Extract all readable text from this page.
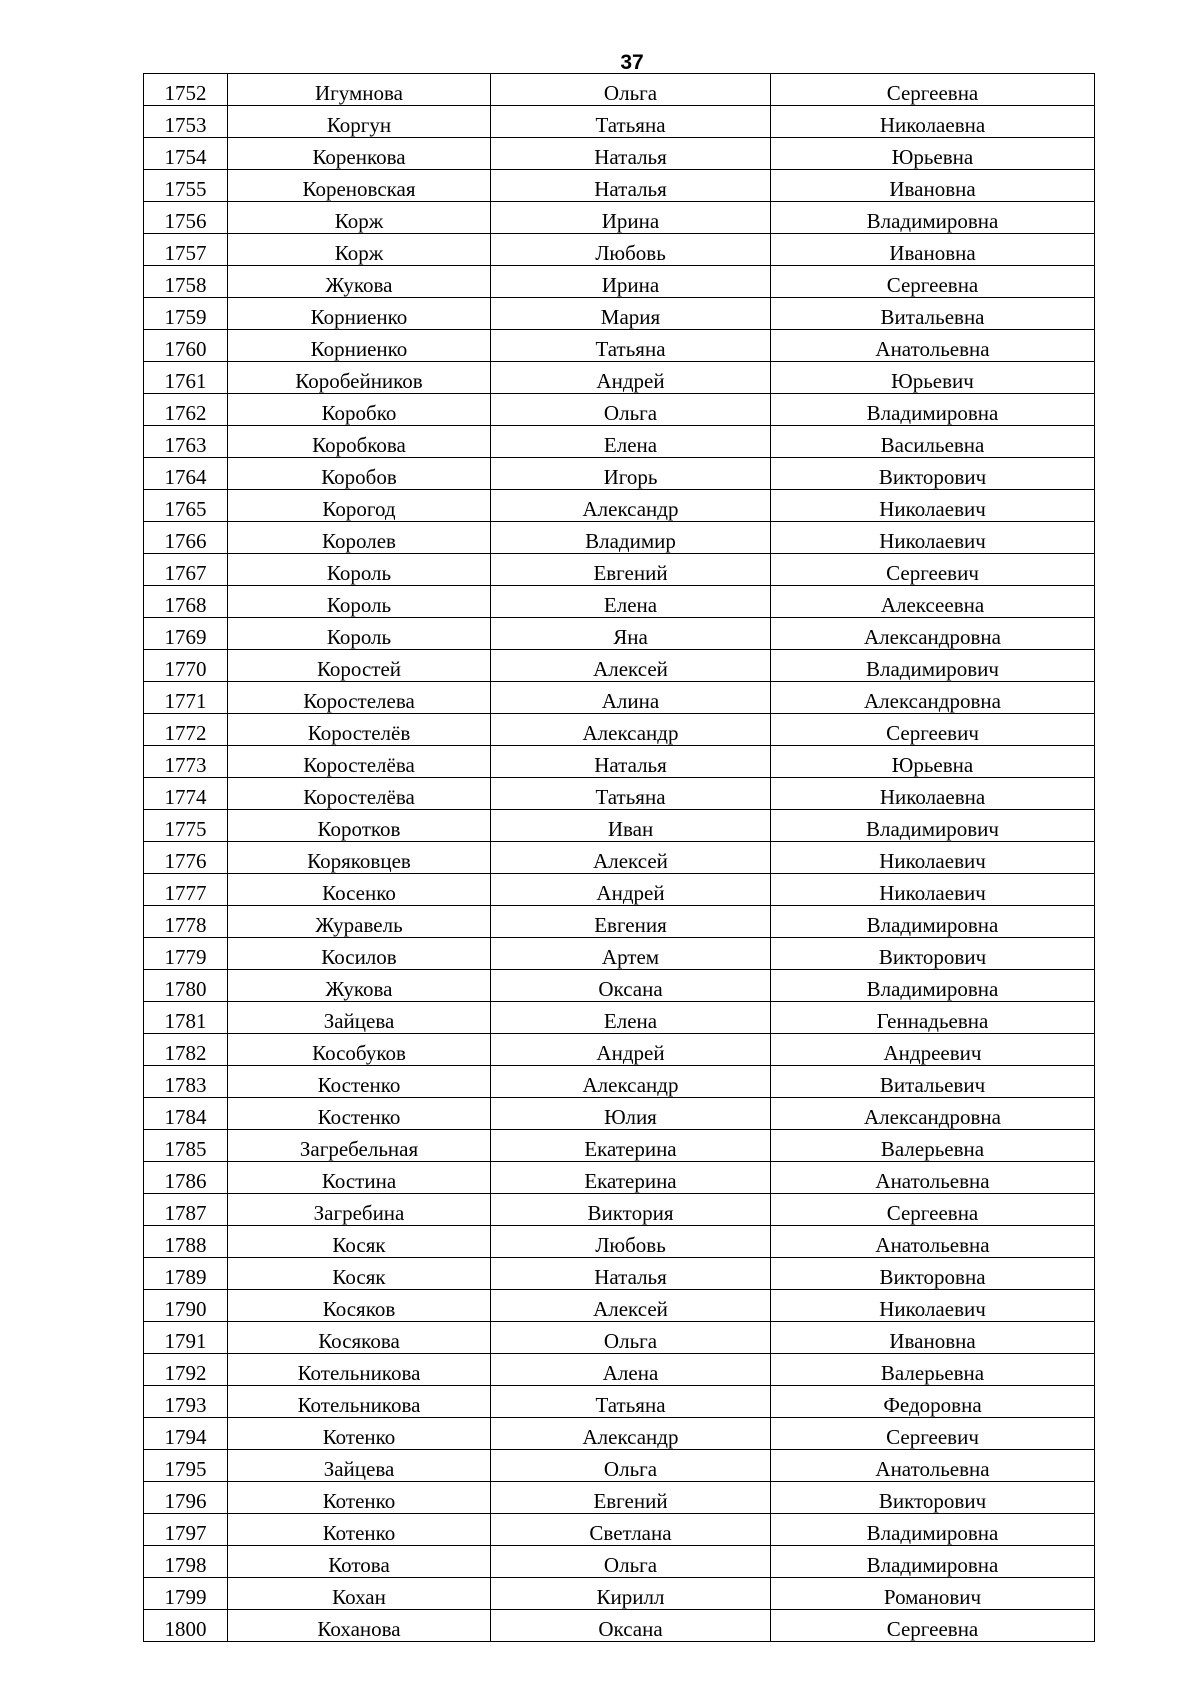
37
1752	Игумнова	Ольга	Сергеевна
1753	Коргун	Татьяна	Николаевна
1754	Коренкова	Наталья	Юрьевна
1755	Кореновская	Наталья	Ивановна
1756	Корж	Ирина	Владимировна
1757	Корж	Любовь	Ивановна
1758	Жукова	Ирина	Сергеевна
1759	Корниенко	Мария	Витальевна
1760	Корниенко	Татьяна	Анатольевна
1761	Коробейников	Андрей	Юрьевич
1762	Коробко	Ольга	Владимировна
1763	Коробкова	Елена	Васильевна
1764	Коробов	Игорь	Викторович
1765	Корогод	Александр	Николаевич
1766	Королев	Владимир	Николаевич
1767	Король	Евгений	Сергеевич
1768	Король	Елена	Алексеевна
1769	Король	Яна	Александровна
1770	Коростей	Алексей	Владимирович
1771	Коростелева	Алина	Александровна
1772	Коростелёв	Александр	Сергеевич
1773	Коростелёва	Наталья	Юрьевна
1774	Коростелёва	Татьяна	Николаевна
1775	Коротков	Иван	Владимирович
1776	Коряковцев	Алексей	Николаевич
1777	Косенко	Андрей	Николаевич
1778	Журавель	Евгения	Владимировна
1779	Косилов	Артем	Викторович
1780	Жукова	Оксана	Владимировна
1781	Зайцева	Елена	Геннадьевна
1782	Кособуков	Андрей	Андреевич
1783	Костенко	Александр	Витальевич
1784	Костенко	Юлия	Александровна
1785	Загребельная	Екатерина	Валерьевна
1786	Костина	Екатерина	Анатольевна
1787	Загребина	Виктория	Сергеевна
1788	Косяк	Любовь	Анатольевна
1789	Косяк	Наталья	Викторовна
1790	Косяков	Алексей	Николаевич
1791	Косякова	Ольга	Ивановна
1792	Котельникова	Алена	Валерьевна
1793	Котельникова	Татьяна	Федоровна
1794	Котенко	Александр	Сергеевич
1795	Зайцева	Ольга	Анатольевна
1796	Котенко	Евгений	Викторович
1797	Котенко	Светлана	Владимировна
1798	Котова	Ольга	Владимировна
1799	Кохан	Кирилл	Романович
1800	Коханова	Оксана	Сергеевна
